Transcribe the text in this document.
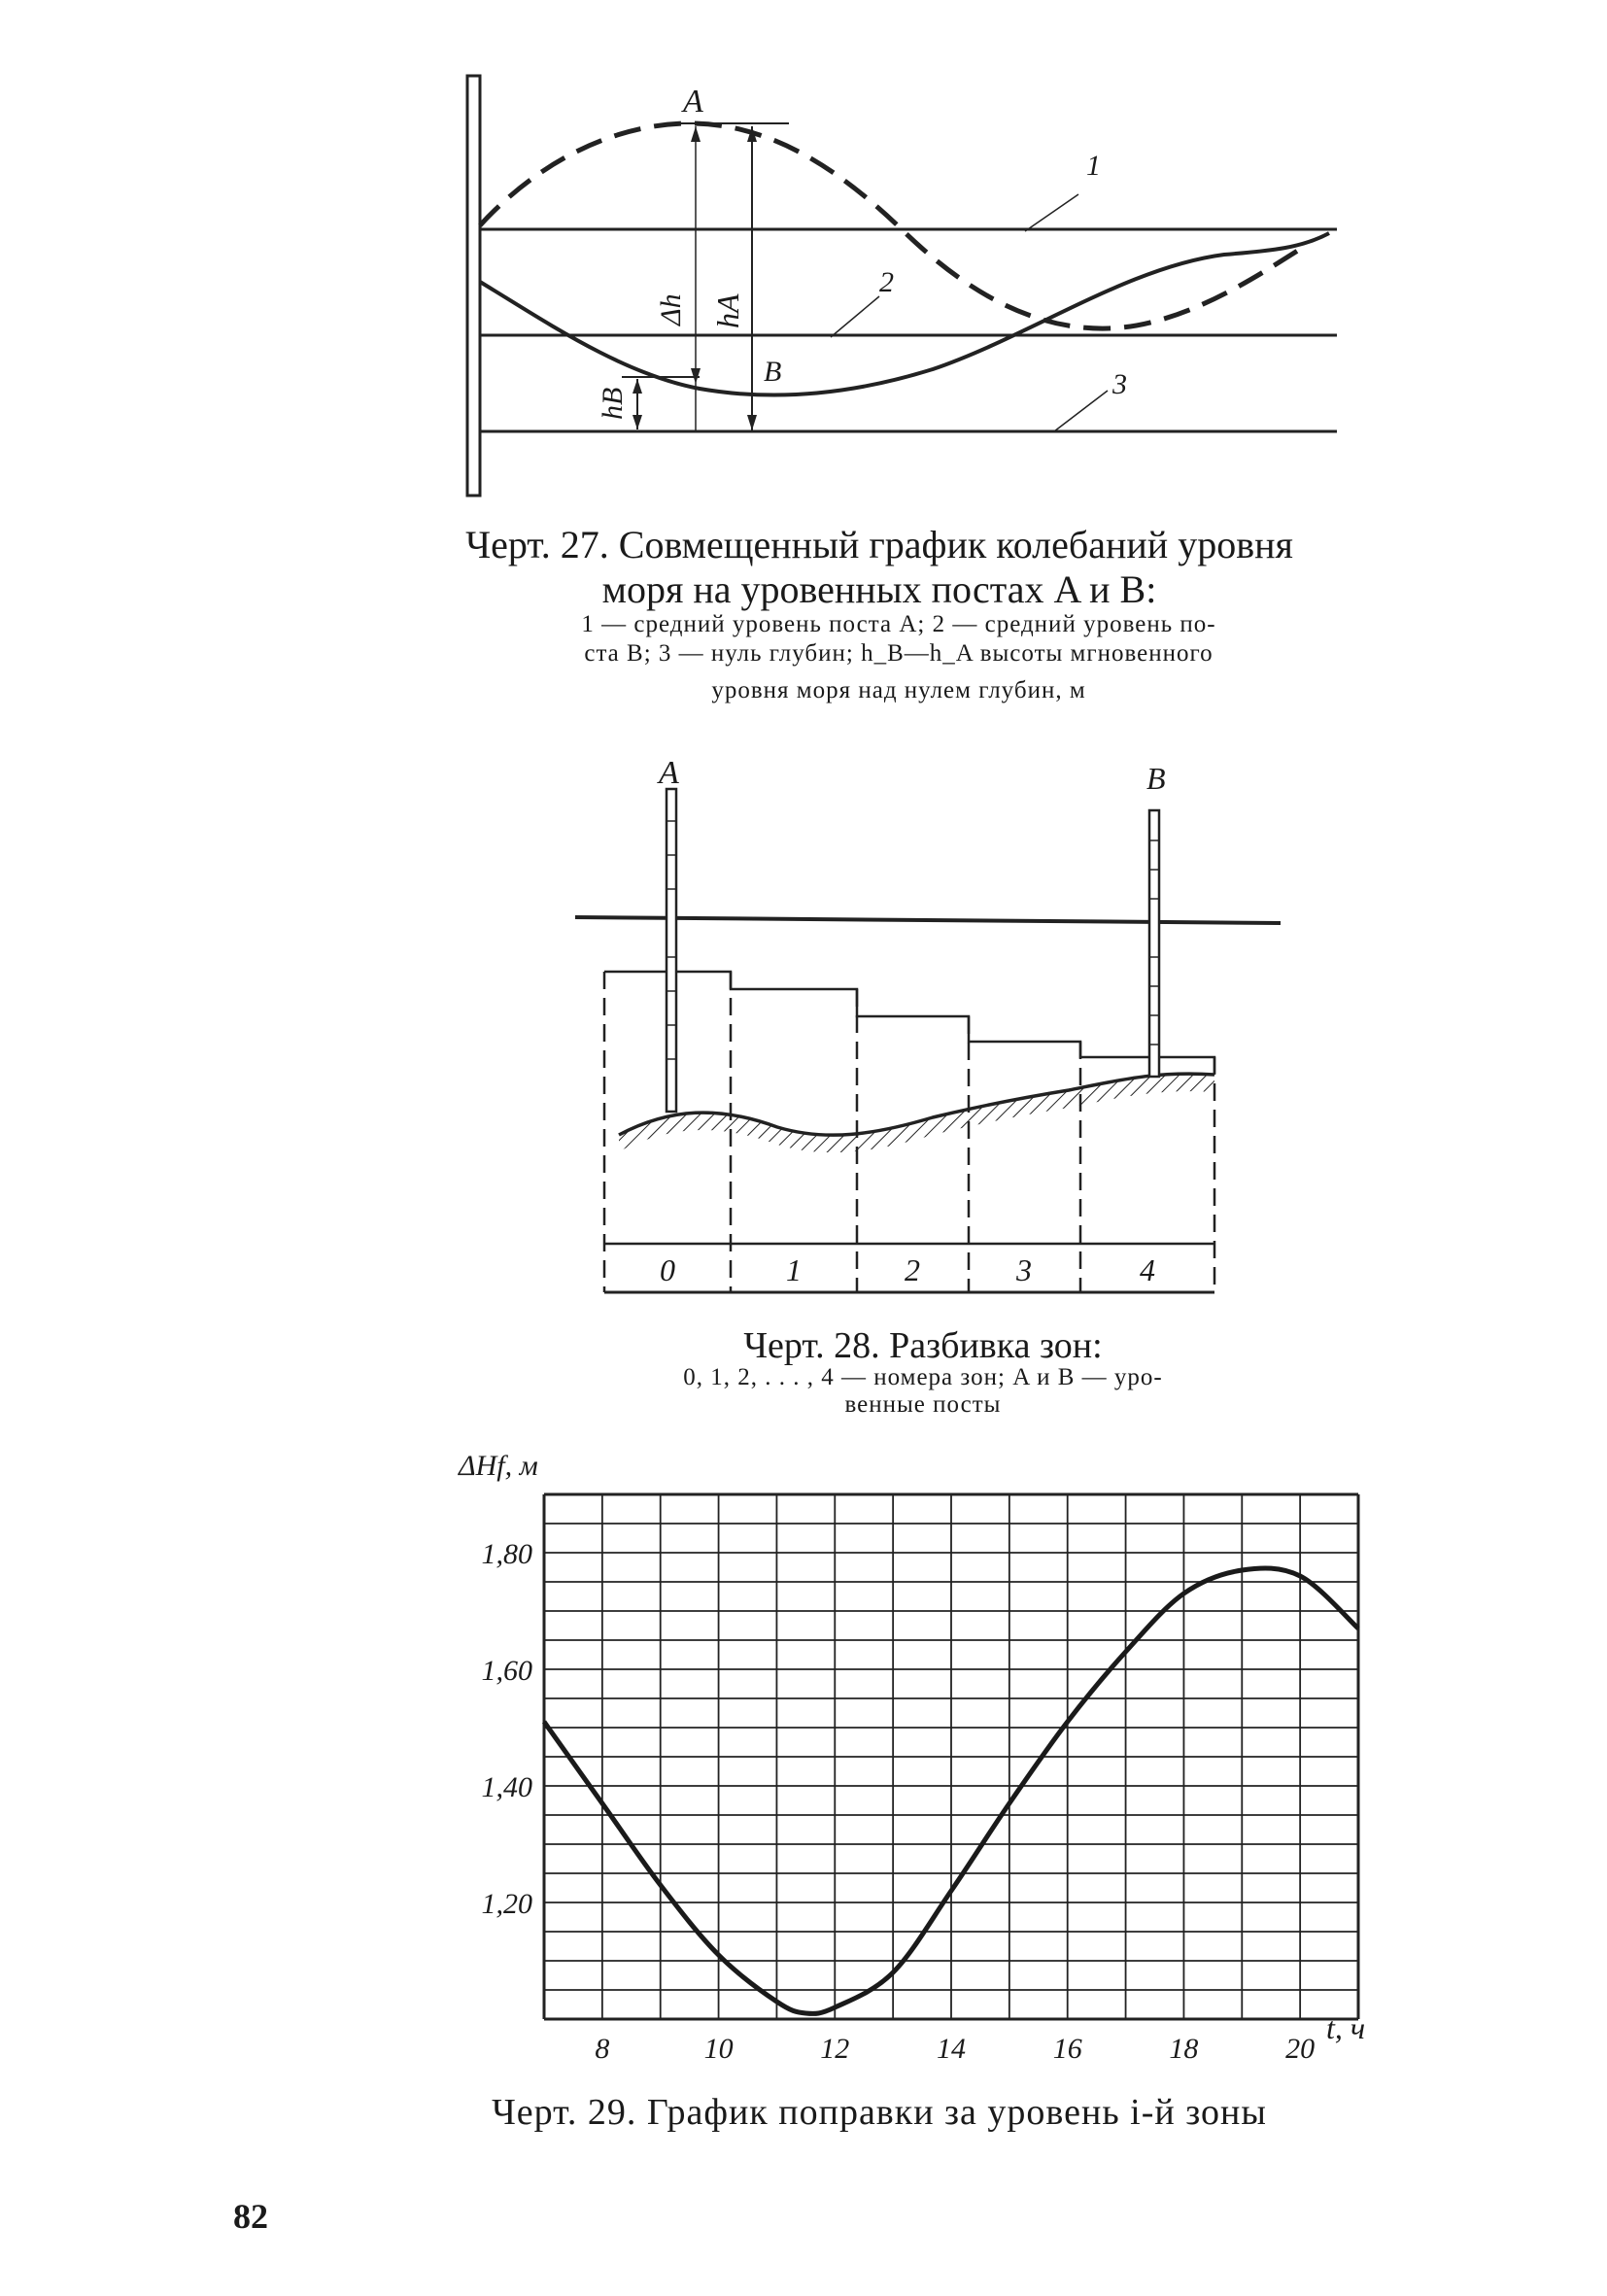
A
B
1
2
3
Δh hA
hB
Черт. 27. Совмещенный график колебаний уровня
моря на уровенных постах A и B:
1 — средний уровень поста A; 2 — средний уровень по-
ста B; 3 — нуль глубин; h_B—h_A высоты мгновенного
уровня моря над нулем глубин, м
A	B
0	1	2	3	4
Черт. 28. Разбивка зон:
0, 1, 2, . . . , 4 — номера зон; A и B — уро-
венные посты
8	10	12	14	16	18	20
1,80
1,60
1,40
1,20
ΔHf, м
t, ч
Черт. 29. График поправки за уровень i-й зоны
82
